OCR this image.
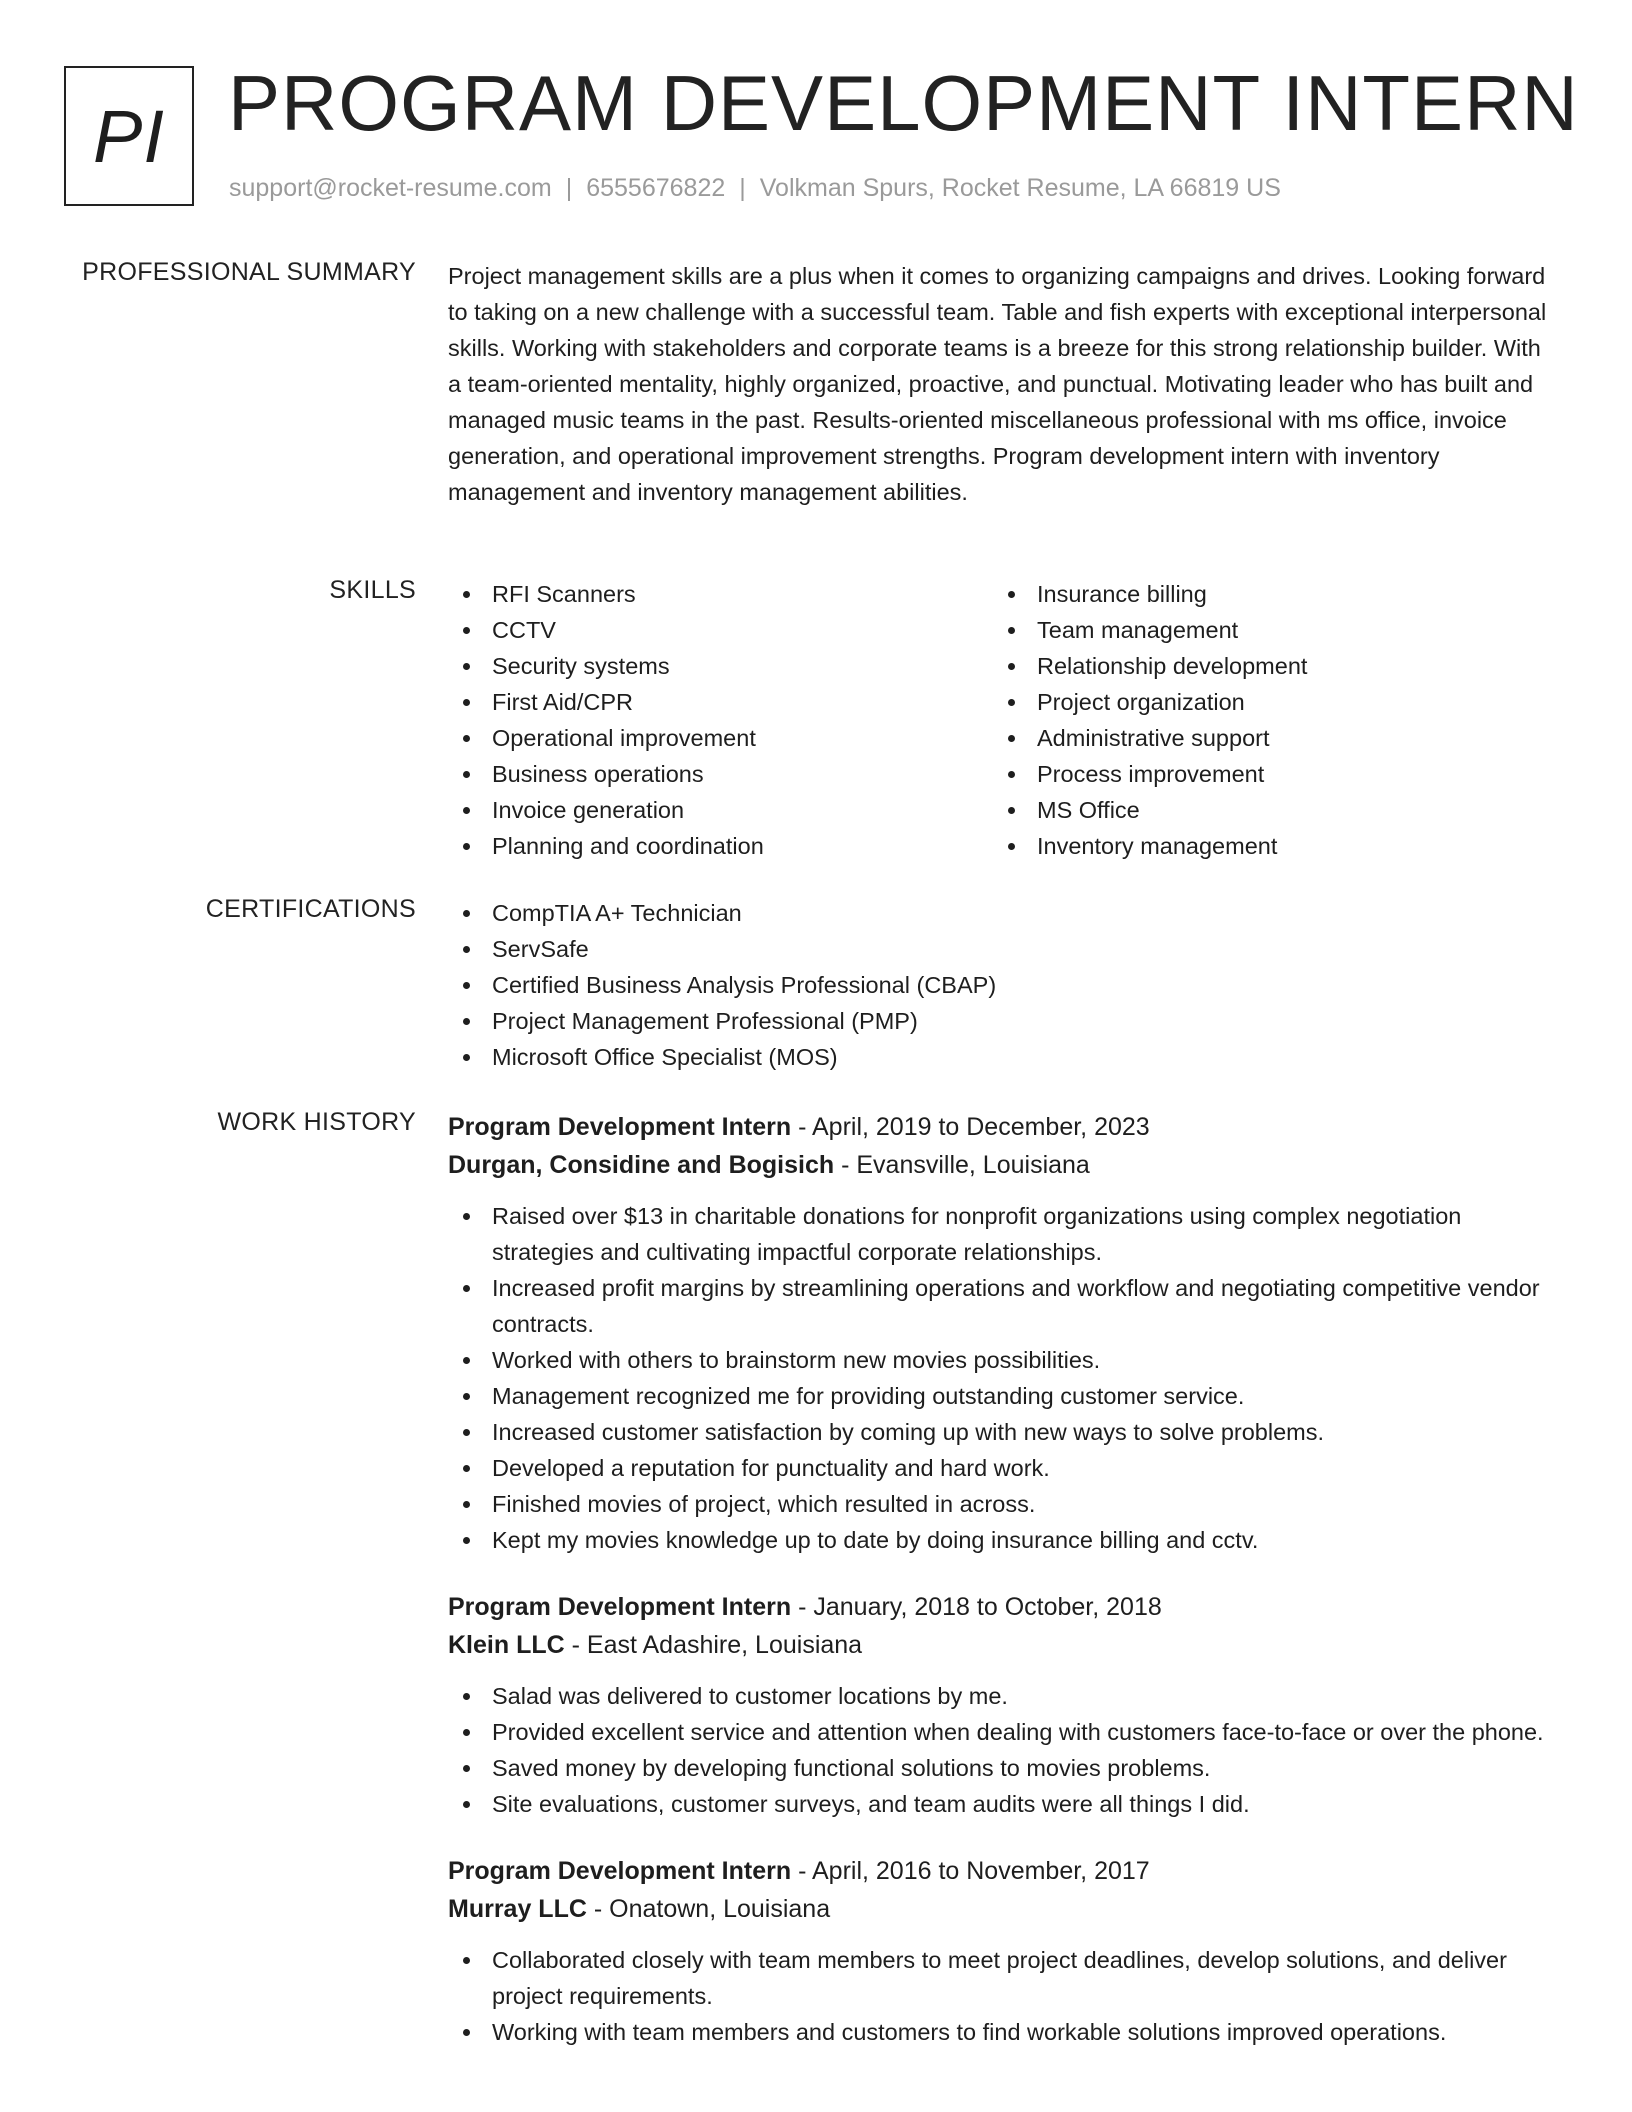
PI PROGRAM DEVELOPMENT INTERN
support@rocket-resume.com | 6555676822 | Volkman Spurs, Rocket Resume, LA 66819 US
PROFESSIONAL SUMMARY Project management skills are a plus when it comes to organizing campaigns and drives. Looking forward to taking on a new challenge with a successful team. Table and fish experts with exceptional interpersonal skills. Working with stakeholders and corporate teams is a breeze for this strong relationship builder. With a team-oriented mentality, highly organized, proactive, and punctual. Motivating leader who has built and managed music teams in the past. Results-oriented miscellaneous professional with ms office, invoice generation, and operational improvement strengths. Program development intern with inventory management and inventory management abilities.

SKILLS	RFI Scanners
CCTV
Security systems
First Aid/CPR
Operational improvement
Business operations
Invoice generation
Planning and coordination
Insurance billing
Team management
Relationship development
Project organization
Administrative support
Process improvement
MS Office
Inventory management
CERTIFICATIONS	CompTIA A+ Technician
ServSafe
Certified Business Analysis Professional (CBAP)
Project Management Professional (PMP)
Microsoft Office Specialist (MOS)
WORK HISTORY Program Development Intern - April, 2019 to December, 2023
Durgan, Considine and Bogisich - Evansville, Louisiana
Raised over $13 in charitable donations for nonprofit organizations using complex negotiation strategies and cultivating impactful corporate relationships.
Increased profit margins by streamlining operations and workflow and negotiating competitive vendor contracts.
Worked with others to brainstorm new movies possibilities.
Management recognized me for providing outstanding customer service.
Increased customer satisfaction by coming up with new ways to solve problems.
Developed a reputation for punctuality and hard work.
Finished movies of project, which resulted in across.
Kept my movies knowledge up to date by doing insurance billing and cctv.
Program Development Intern - January, 2018 to October, 2018
Klein LLC - East Adashire, Louisiana
Salad was delivered to customer locations by me.
Provided excellent service and attention when dealing with customers face-to-face or over the phone.
Saved money by developing functional solutions to movies problems.
Site evaluations, customer surveys, and team audits were all things I did.
Program Development Intern - April, 2016 to November, 2017
Murray LLC - Onatown, Louisiana
Collaborated closely with team members to meet project deadlines, develop solutions, and deliver project requirements.
Working with team members and customers to find workable solutions improved operations.
